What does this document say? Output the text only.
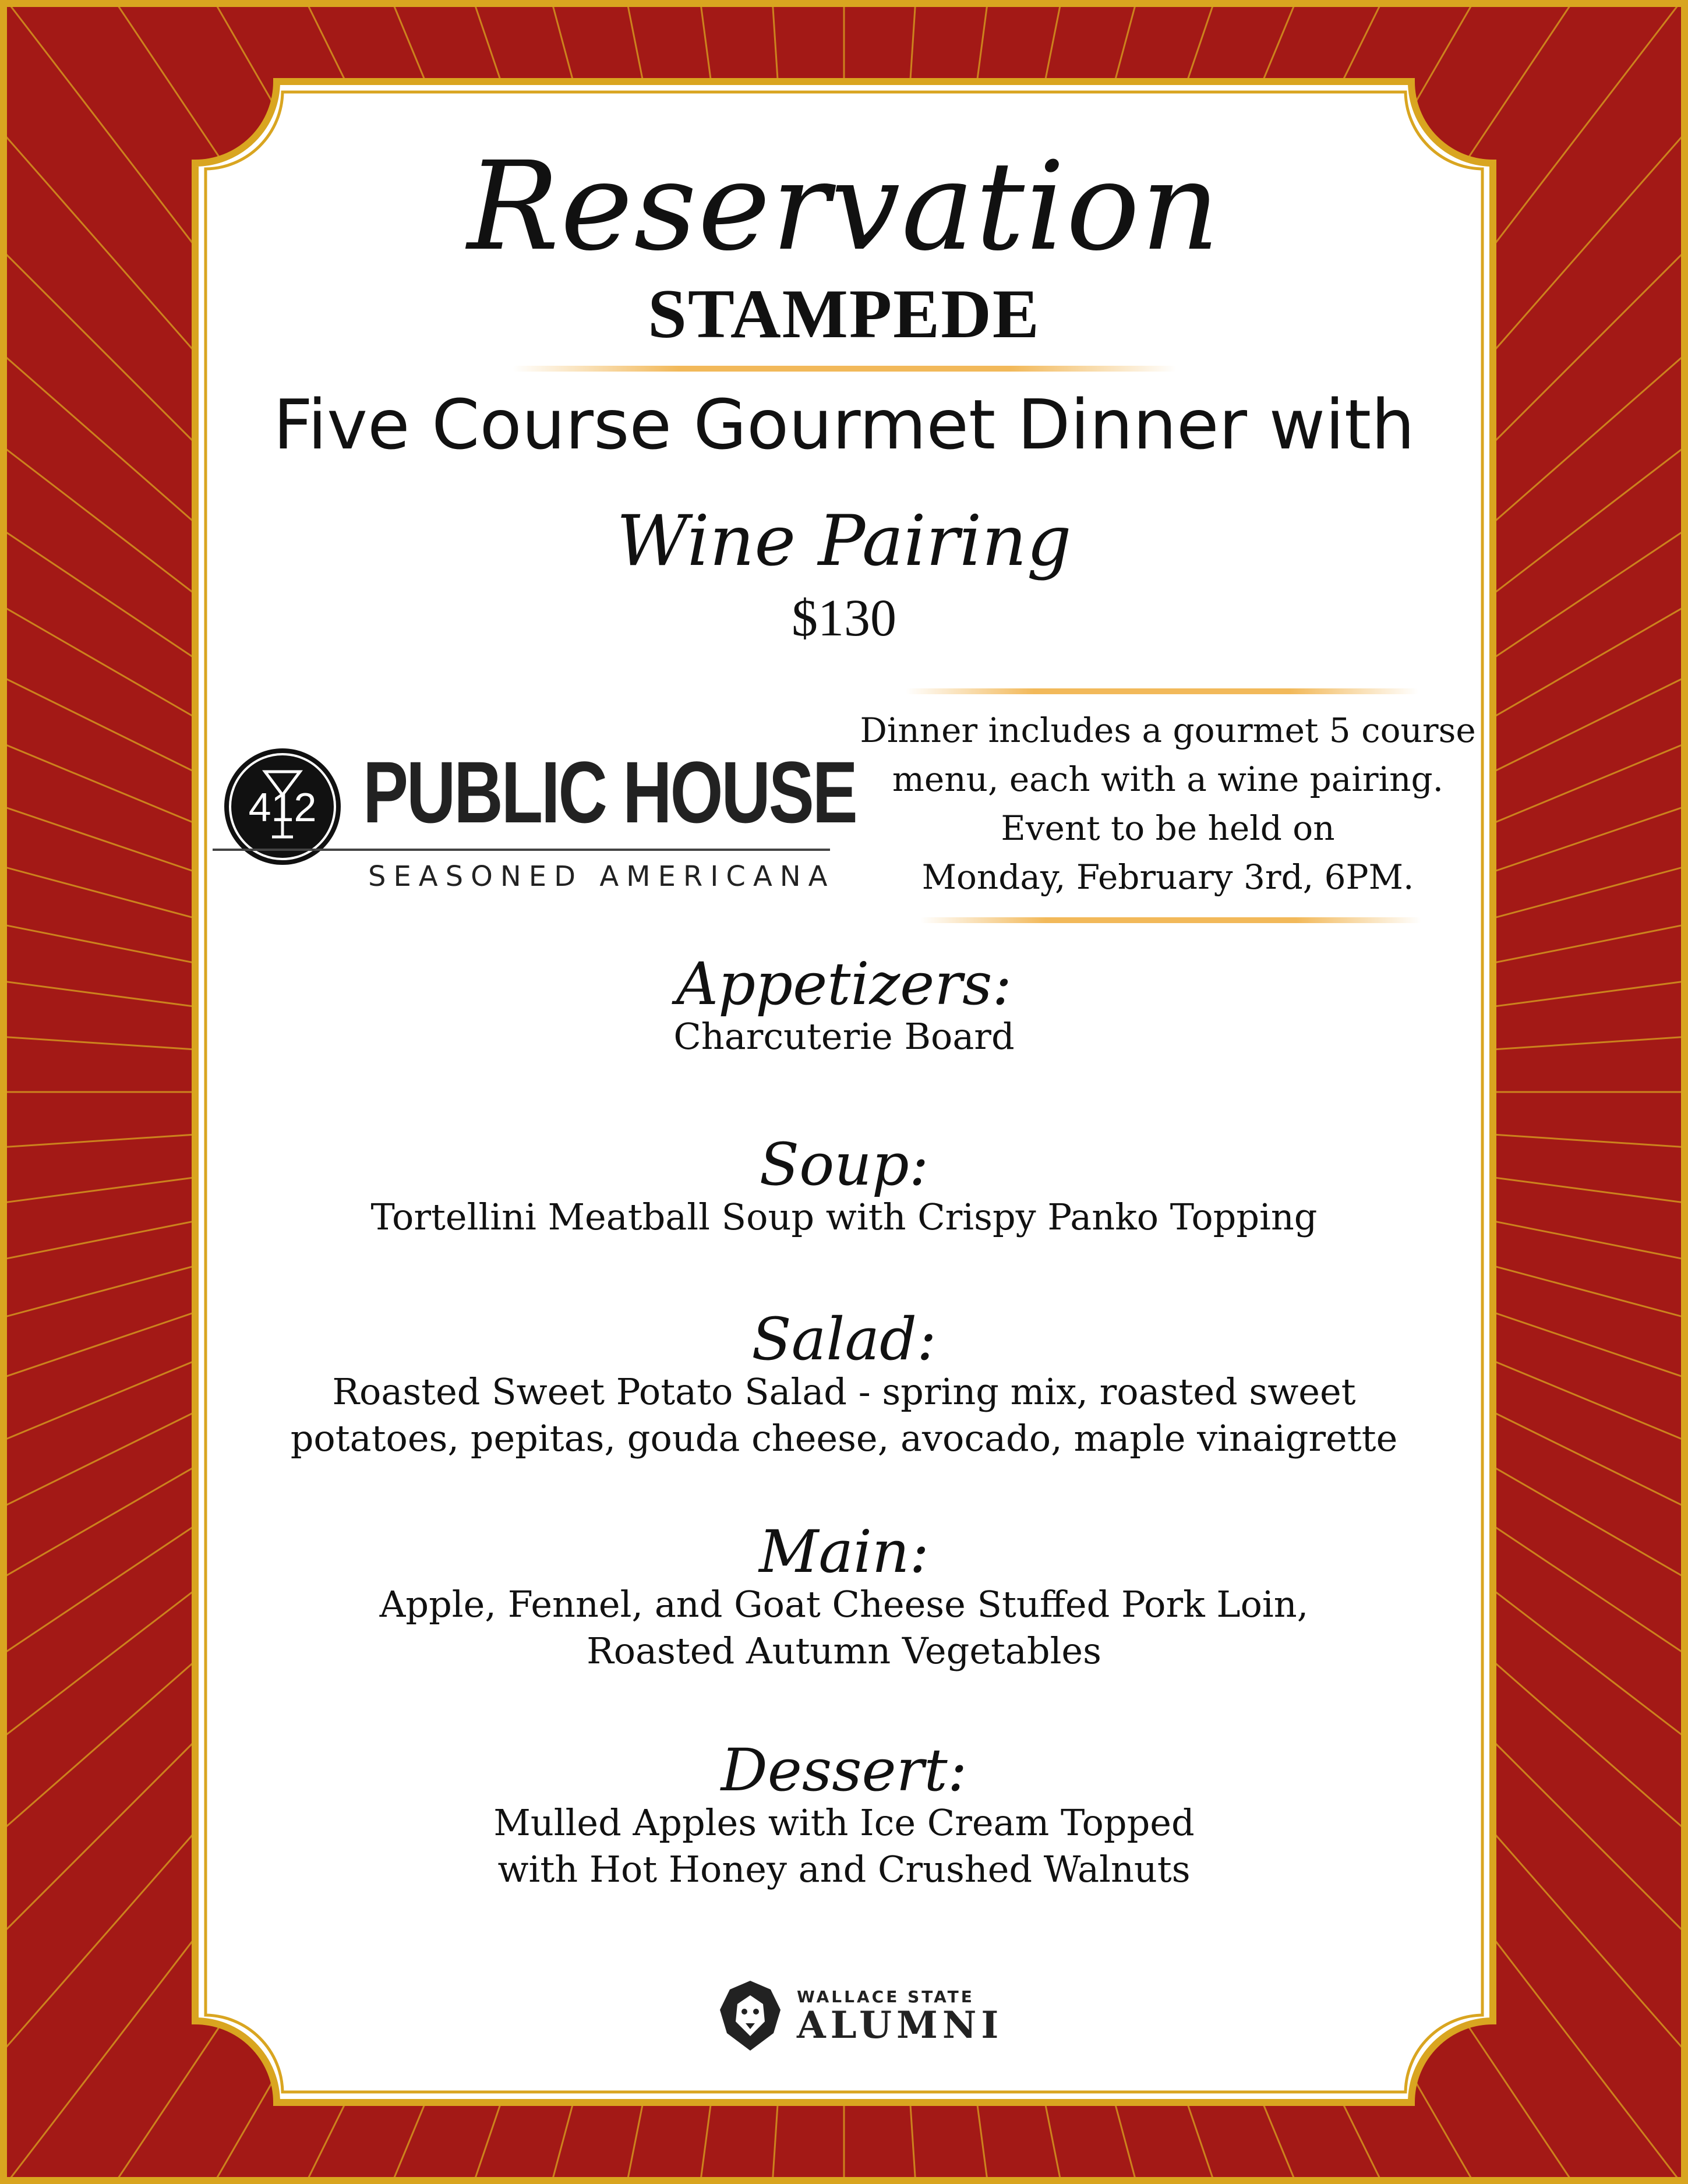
Reservation
STAMPEDE
Five Course Gourmet Dinner with
Wine Pairing
$130
412 PUBLIC HOUSE
SEASONED AMERICANA
Dinner includes a gourmet 5 course
menu, each with a wine pairing.
Event to be held on
Monday, February 3rd, 6PM.
Appetizers:
Charcuterie Board
Soup:
Tortellini Meatball Soup with Crispy Panko Topping
Salad:
Roasted Sweet Potato Salad - spring mix, roasted sweet
potatoes, pepitas, gouda cheese, avocado, maple vinaigrette
Main:
Apple, Fennel, and Goat Cheese Stuffed Pork Loin,
Roasted Autumn Vegetables
Dessert:
Mulled Apples with Ice Cream Topped
with Hot Honey and Crushed Walnuts
WALLACE STATE
ALUMNI
